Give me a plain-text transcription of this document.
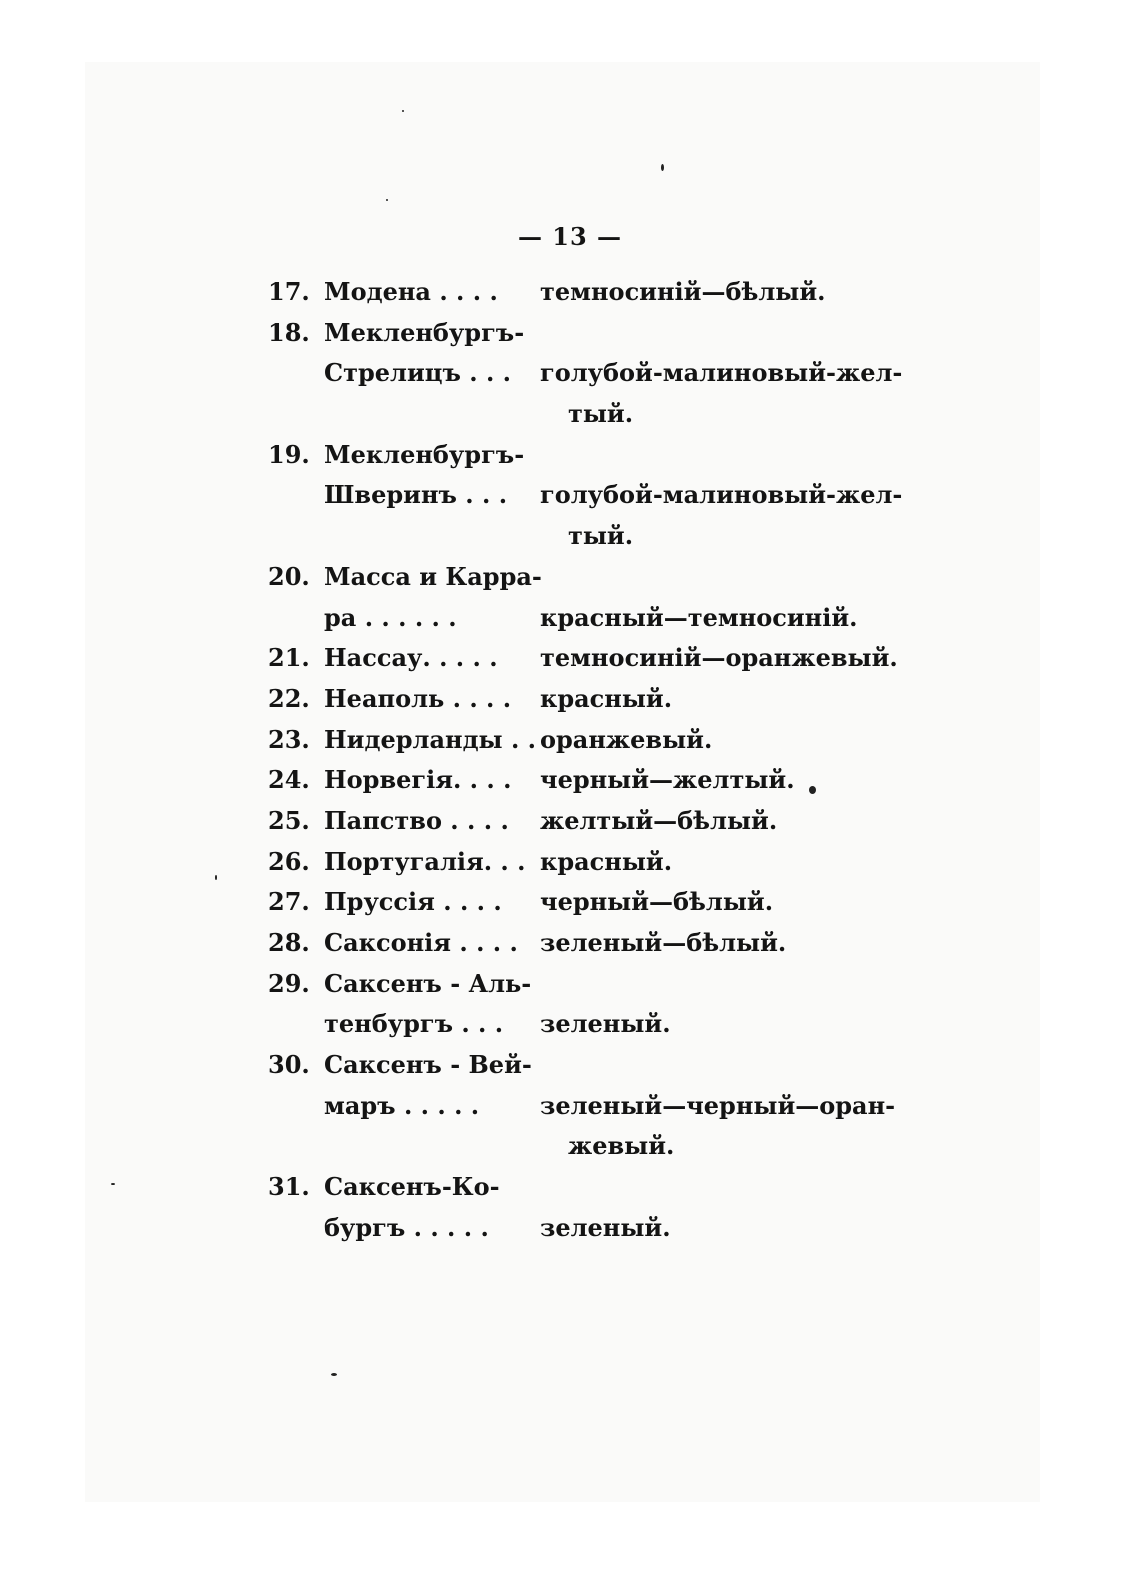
— 13 —
17. Модена . . . . темносиній—бѣлый.
18. Мекленбургъ-
Стрелицъ . . . голубой-малиновый-жел-
тый.
19. Мекленбургъ-
Шверинъ . . . голубой-малиновый-жел-
тый.
20. Масса и Карра-
ра . . . . . .	красный—темносиній.
21. Нассау. . . . . темносиній—оранжевый.
22. Неаполь . . . . красный.
23. Нидерланды . . оранжевый.
24. Норвегія. . . . черный—желтый.
25. Папство . . . . желтый—бѣлый.
26. Португалія. . . красный.
27. Пруссія . . . . черный—бѣлый.
28. Саксонія . . . . зеленый—бѣлый.
29. Саксенъ - Аль-
тенбургъ . . . зеленый.
30. Саксенъ - Вей-
маръ . . . . .	зеленый—черный—оран-
жевый.
31. Саксенъ-Ко-
бургъ . . . . . зеленый.
